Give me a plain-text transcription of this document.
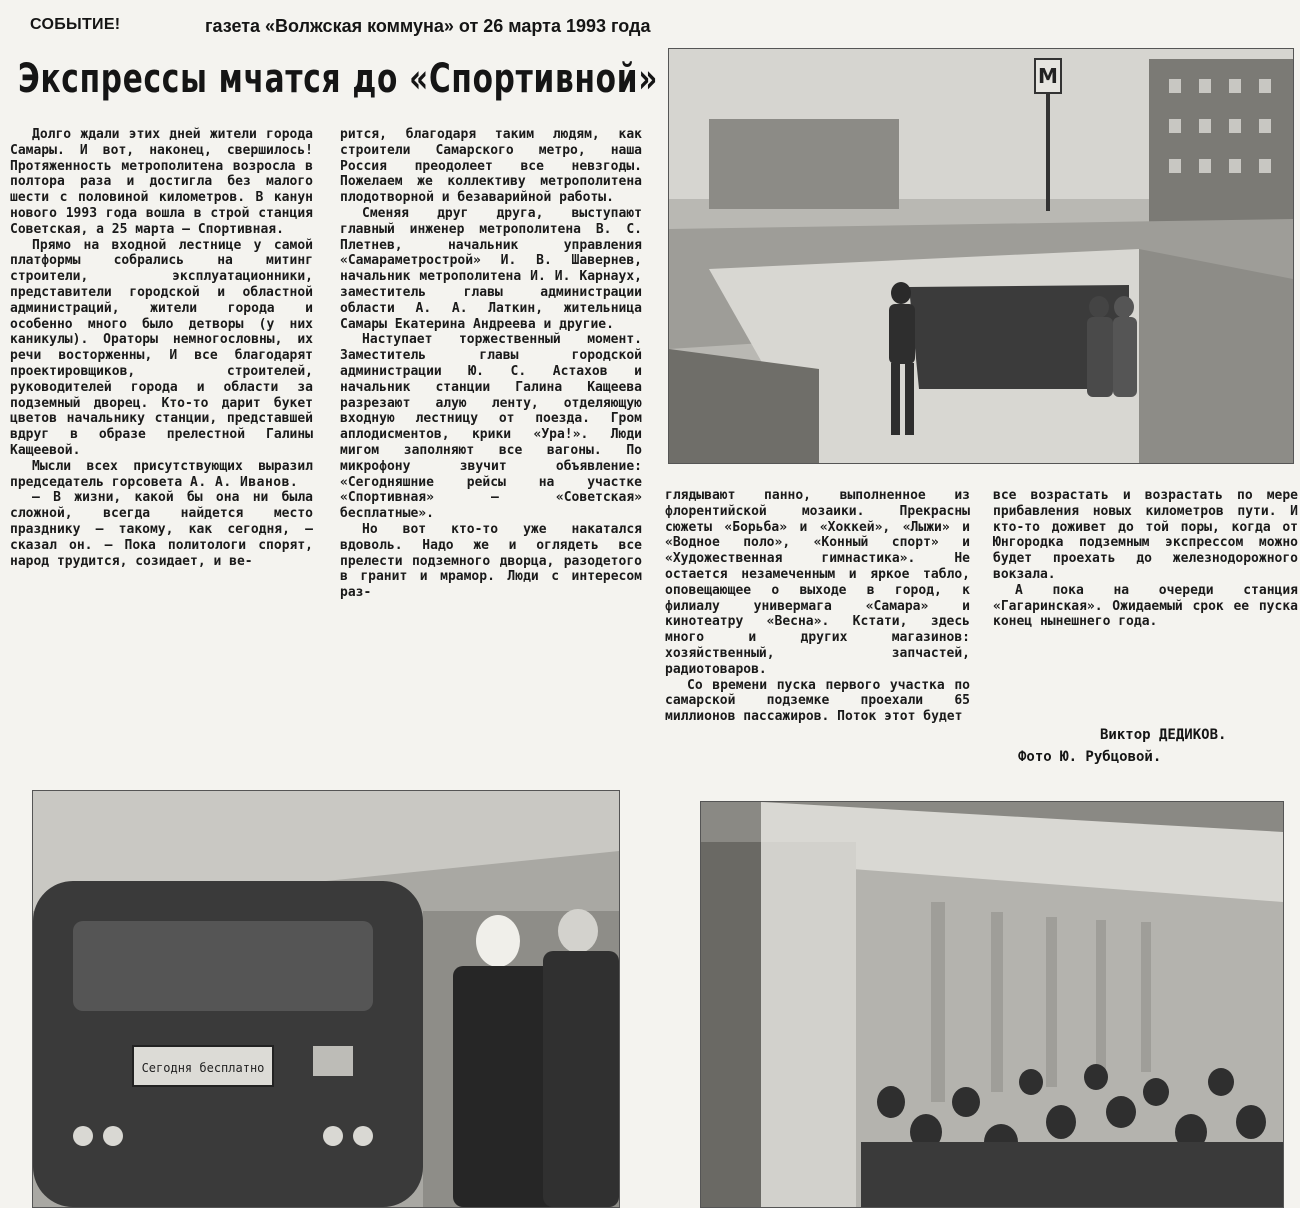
СОБЫТИЕ!	газета «Волжская коммуна» от 26 марта 1993 года
Экспрессы мчатся до «Спортивной»

Долго ждали этих дней жители города Самары. И вот, наконец, свершилось! Протяженность метрополитена возросла в полтора раза и достигла без малого шести с половиной километров. В канун нового 1993 года вошла в строй станция Советская, а 25 марта — Спортивная.

Прямо на входной лестнице у самой платформы собрались на митинг строители, эксплуатационники, представители городской и областной администраций, жители города и особенно много было детворы (у них каникулы). Ораторы немногословны, их речи восторженны, И все благодарят проектировщиков, строителей, руководителей города и области за подземный дворец. Кто-то дарит букет цветов начальнику станции, представшей вдруг в образе прелестной Галины Кащеевой.

Мысли всех присутствующих выразил председатель горсовета А. А. Иванов.

— В жизни, какой бы она ни была сложной, всегда найдется место празднику — такому, как сегодня, — сказал он. — Пока политологи спорят, народ трудится, созидает, и ве-

рится, благодаря таким людям, как строители Самарского метро, наша Россия преодолеет все невзгоды. Пожелаем же коллективу метрополитена плодотворной и безаварийной работы.

Сменяя друг друга, выступают главный инженер метрополитена В. С. Плетнев, начальник управления «Самараметрострой» И. В. Шавернев, начальник метрополитена И. И. Карнаух, заместитель главы администрации области А. А. Латкин, жительница Самары Екатерина Андреева и другие.

Наступает торжественный момент. Заместитель главы городской администрации Ю. С. Астахов и начальник станции Галина Кащеева разрезают алую ленту, отделяющую входную лестницу от поезда. Гром аплодисментов, крики «Ура!». Люди мигом заполняют все вагоны. По микрофону звучит объявление: «Сегодняшние рейсы на участке «Спортивная» — «Советская» бесплатные».

Но вот кто-то уже накатался вдоволь. Надо же и оглядеть все прелести подземного дворца, разодетого в гранит и мрамор. Люди с интересом раз-

глядывают панно, выполненное из флорентийской мозаики. Прекрасны сюжеты «Борьба» и «Хоккей», «Лыжи» и «Водное поло», «Конный спорт» и «Художественная гимнастика». Не остается незамеченным и яркое табло, оповещающее о выходе в город, к филиалу универмага «Самара» и кинотеатру «Весна». Кстати, здесь много и других магазинов: хозяйственный, запчастей, радиотоваров.

Со времени пуска первого участка по самарской подземке проехали 65 миллионов пассажиров. Поток этот будет

все возрастать и возрастать по мере прибавления новых километров пути. И кто-то доживет до той поры, когда от Юнгородка подземным экспрессом можно будет проехать до железнодорожного вокзала.

А пока на очереди станция «Гагаринская». Ожидаемый срок ее пуска конец нынешнего года.

Виктор ДЕДИКОВ.
Фото Ю. Рубцовой.
М
Сегодня бесплатно
